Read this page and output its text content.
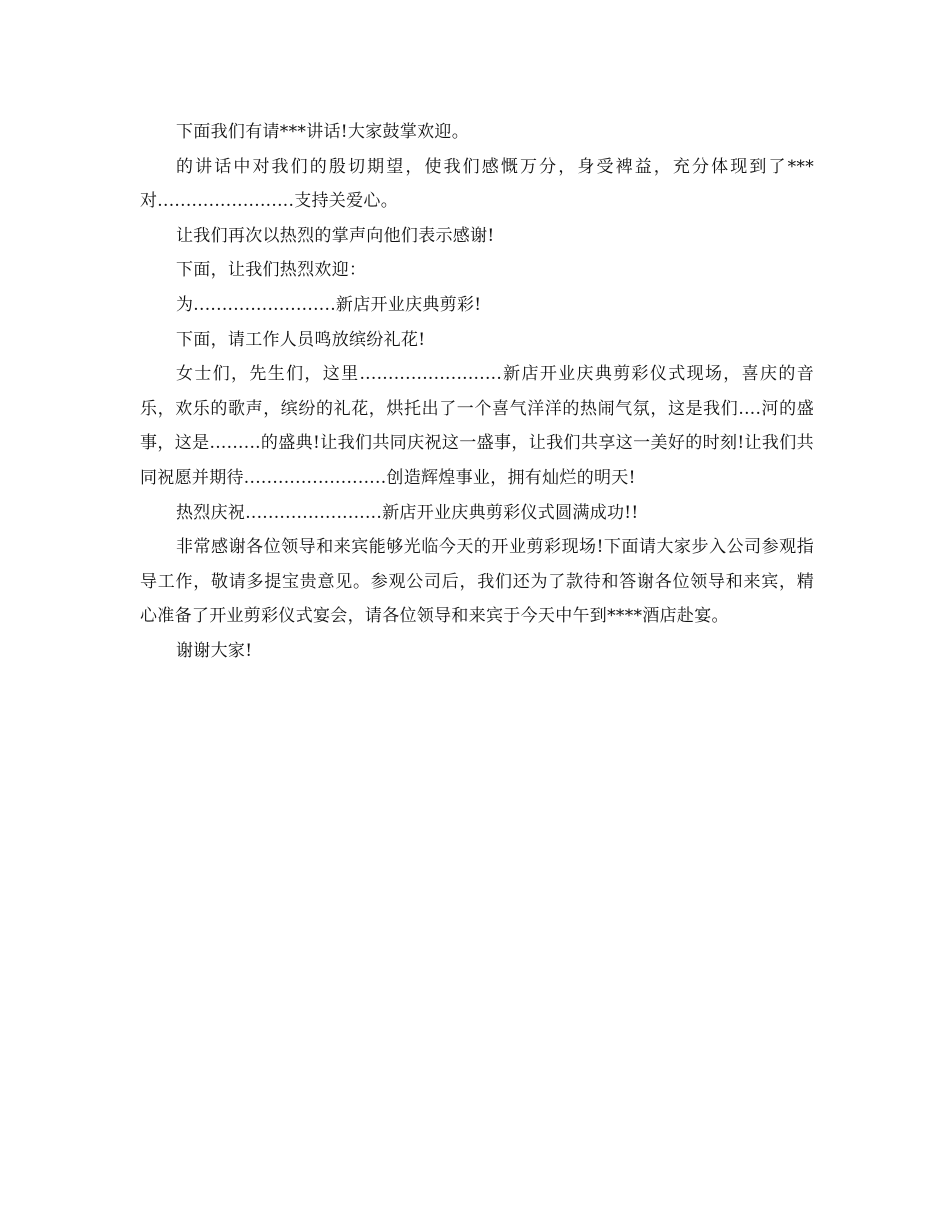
下面我们有请***讲话!大家鼓掌欢迎。

的讲话中对我们的殷切期望，使我们感慨万分，身受裨益，充分体现到了***对........................支持关爱心。

让我们再次以热烈的掌声向他们表示感谢!

下面，让我们热烈欢迎：

为.........................新店开业庆典剪彩!

下面，请工作人员鸣放缤纷礼花!

女士们，先生们，这里.........................新店开业庆典剪彩仪式现场，喜庆的音乐，欢乐的歌声，缤纷的礼花，烘托出了一个喜气洋洋的热闹气氛，这是我们....河的盛事，这是.........的盛典!让我们共同庆祝这一盛事，让我们共享这一美好的时刻!让我们共同祝愿并期待.........................创造辉煌事业，拥有灿烂的明天!

热烈庆祝........................新店开业庆典剪彩仪式圆满成功!!

非常感谢各位领导和来宾能够光临今天的开业剪彩现场!下面请大家步入公司参观指导工作，敬请多提宝贵意见。参观公司后，我们还为了款待和答谢各位领导和来宾，精心准备了开业剪彩仪式宴会，请各位领导和来宾于今天中午到****酒店赴宴。

谢谢大家!
